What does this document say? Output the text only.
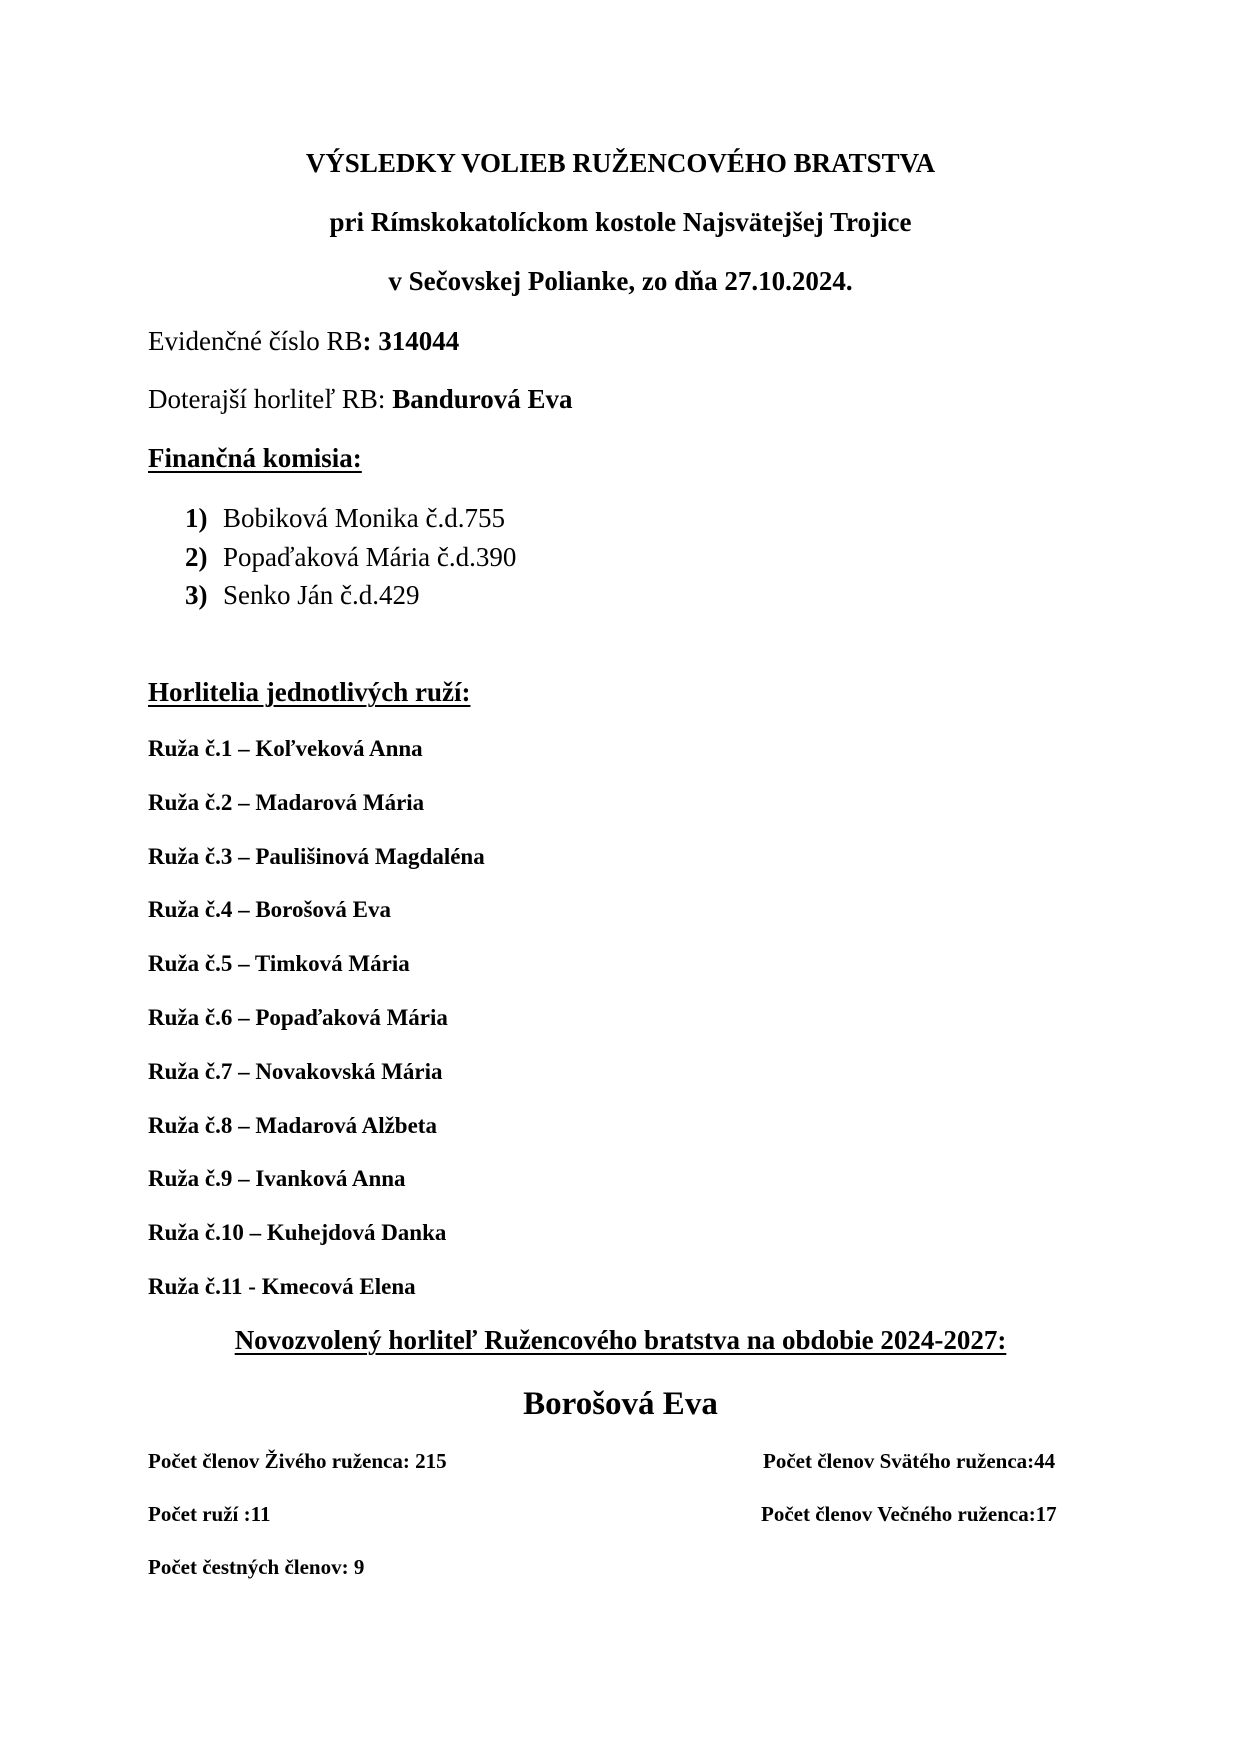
VÝSLEDKY VOLIEB RUŽENCOVÉHO BRATSTVA
pri Rímskokatolíckom kostole Najsvätejšej Trojice
v Sečovskej Polianke, zo dňa 27.10.2024.
Evidenčné číslo RB: 314044
Doterajší horliteľ RB: Bandurová Eva
Finančná komisia:
1) Bobiková Monika č.d.755
2) Popaďaková Mária č.d.390
3) Senko Ján č.d.429
Horlitelia jednotlivých ruží:
Ruža č.1 – Koľveková Anna
Ruža č.2 – Madarová Mária
Ruža č.3 – Paulišinová Magdaléna
Ruža č.4 – Borošová Eva
Ruža č.5 – Timková Mária
Ruža č.6 – Popaďaková Mária
Ruža č.7 – Novakovská Mária
Ruža č.8 – Madarová Alžbeta
Ruža č.9 – Ivanková Anna
Ruža č.10 – Kuhejdová Danka
Ruža č.11 - Kmecová Elena
Novozvolený horliteľ Ružencového bratstva na obdobie 2024-2027:
Borošová Eva
Počet členov Živého ruženca: 215	Počet členov Svätého ruženca:44
Počet ruží :11	Počet členov Večného ruženca:17
Počet čestných členov: 9
